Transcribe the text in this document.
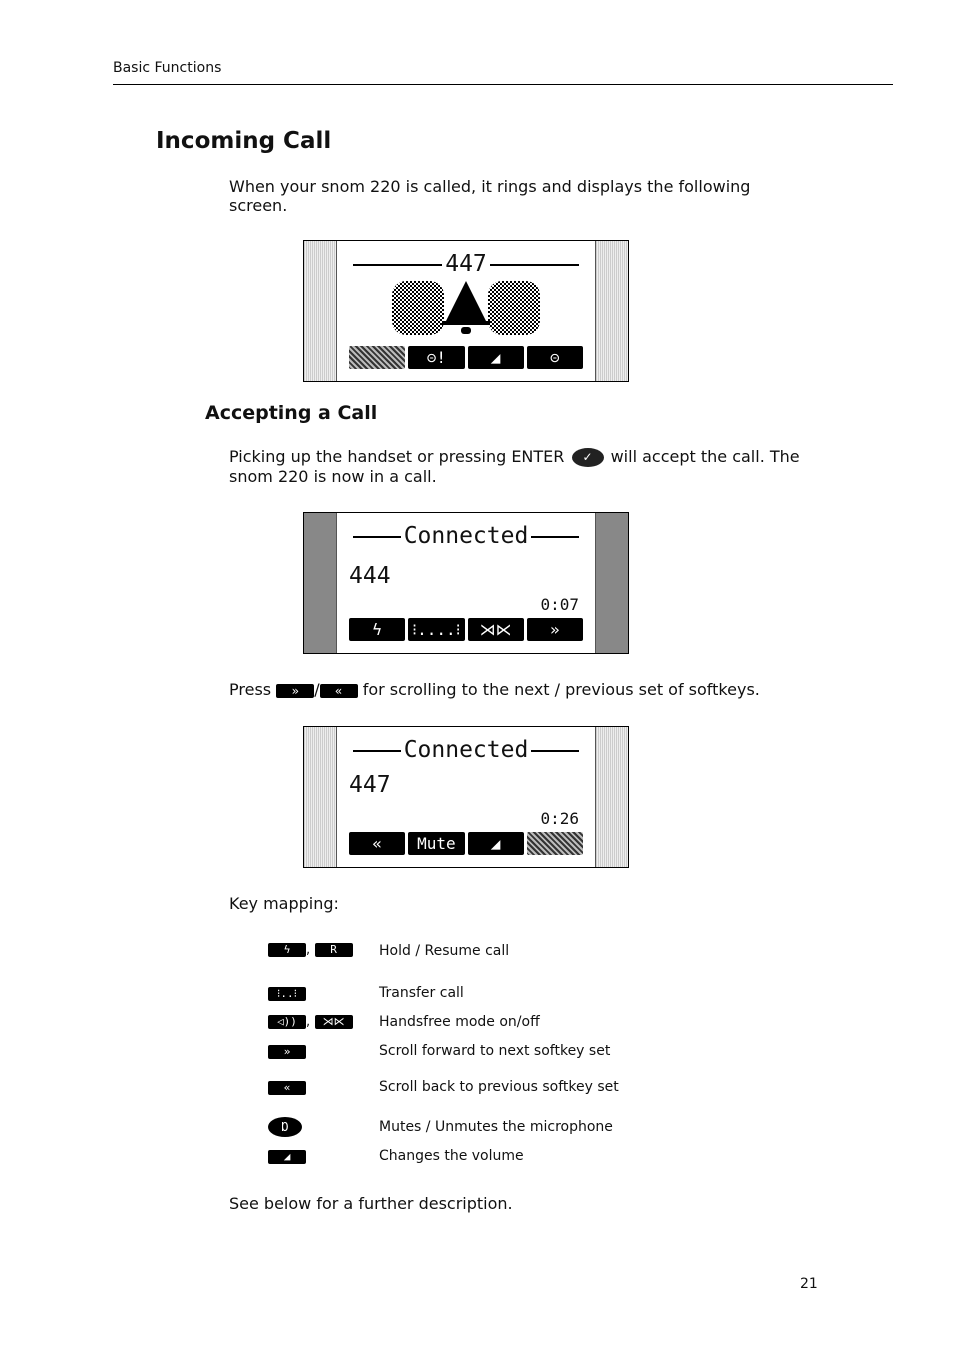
Basic Functions
Incoming Call
When your snom 220 is called, it rings and displays the following screen.
447
⊝!	◢	⊝
Accepting a Call
Picking up the handset or pressing ENTER ✓ will accept the call. The snom 220 is now in a call.
Connected
444
0:07
ϟ	⁝....⁝	⋊⋉	»
Press » / « for scrolling to the next / previous set of softkeys.
Connected
447
0:26
«	Mute	◢
Key mapping:
ϟ , R	Hold / Resume call
⁝..⁝	Transfer call
◁)) , ⋊⋉	Handsfree mode on/off
»	Scroll forward to next softkey set
«	Scroll back to previous softkey set
Ɒ	Mutes / Unmutes the microphone
◢	Changes the volume
See below for a further description.
21
